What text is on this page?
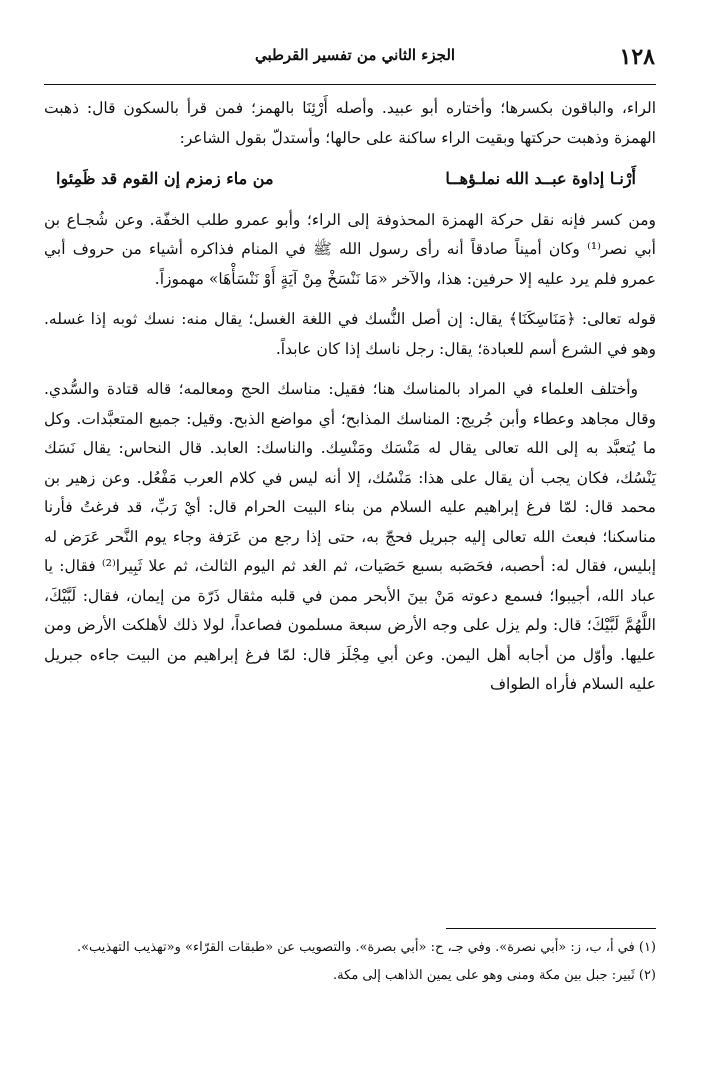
١٢٨
الجزء الثاني من تفسير القرطبي

الراء، والباقون بكسرها؛ وأختاره أبو عبيد. وأصله أَرْئِنَا بالهمز؛ فمن قرأ بالسكون قال: ذهبت الهمزة وذهبت حركتها وبقيت الراء ساكنة على حالها؛ وأستدلّ بقول الشاعر:

أَرْنـا إداوة عبــد الله نملـؤهــا
من ماء زمزم إن القوم قد ظَمِئوا

ومن كسر فإنه نقل حركة الهمزة المحذوفة إلى الراء؛ وأبو عمرو طلب الخفّة. وعن شُجـاع بن أبي نصر⁽¹⁾ وكان أميناً صادقاً أنه رأى رسول الله ﷺ في المنام فذاكره أشياء من حروف أبي عمرو فلم يرد عليه إلا حرفين: هذا، والآخر «مَا نَنْسَخْ مِنْ آيَةٍ أَوْ نَنْسَأْهَا» مهموزاً.

قوله تعالى: ﴿مَنَاسِكَنَا﴾ يقال: إن أصل النُّسك في اللغة الغسل؛ يقال منه: نسك ثوبه إذا غسله. وهو في الشرع أسم للعبادة؛ يقال: رجل ناسك إذا كان عابداً.

وأختلف العلماء في المراد بالمناسك هنا؛ فقيل: مناسك الحج ومعالمه؛ قاله قتادة والسُّدي. وقال مجاهد وعطاء وأبن جُريج: المناسك المذابح؛ أي مواضع الذبح. وقيل: جميع المتعبَّدات. وكل ما يُتعبَّد به إلى الله تعالى يقال له مَنْسَك ومَنْسِك. والناسك: العابد. قال النحاس: يقال نَسَك يَنْسُك، فكان يجب أن يقال على هذا: مَنْسُك، إلا أنه ليس في كلام العرب مَفْعُل. وعن زهير بن محمد قال: لمّا فرغ إبراهيم عليه السلام من بناء البيت الحرام قال: أيْ رَبِّ، قد فرغتُ فأرنا مناسكنا؛ فبعث الله تعالى إليه جبريل فحجّ به، حتى إذا رجع من عَرَفة وجاء يوم النَّحر عَرَض له إبليس، فقال له: أحصبه، فحَصَبه بسبع حَصَيات، ثم الغد ثم اليوم الثالث، ثم علا ثَبِيرا⁽²⁾ فقال: يا عباد الله، أجيبوا؛ فسمع دعوته مَنْ بينَ الأبحر ممن في قلبه مثقال ذَرّة من إيمان، فقال: لَبَّيْكَ، اللَّهُمَّ لَبَّيْكَ؛ قال: ولم يزل على وجه الأرض سبعة مسلمون فصاعداً، لولا ذلك لأهلكت الأرض ومن عليها. وأوّل من أجابه أهل اليمن. وعن أبي مِجْلَز قال: لمّا فرغ إبراهيم من البيت جاءه جبريل عليه السلام فأراه الطواف

(١) في أ، ب، ز: «أبي نصرة». وفي جـ، ح: «أبي بصرة». والتصويب عن «طبقات القرّاء» و«تهذيب التهذيب».

(٢) ثَبير: جبل بين مكة ومنى وهو على يمين الذاهب إلى مكة.
